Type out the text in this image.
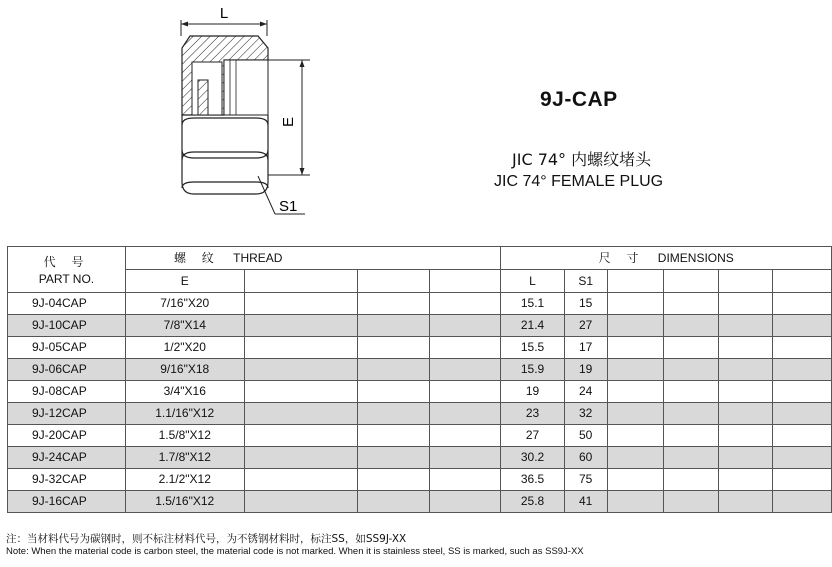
L
E
S1
9J-CAP
JIC 74° 内螺纹堵头
JIC 74° FEMALE PLUG
代 号
PART NO.	螺 纹 THREAD				尺 寸 DIMENSIONS					
	E				L	S1				
9J-04CAP	7/16"X20				15.1	15				
9J-10CAP	7/8"X14				21.4	27				
9J-05CAP	1/2"X20				15.5	17				
9J-06CAP	9/16"X18				15.9	19				
9J-08CAP	3/4"X16				19	24				
9J-12CAP	1.1/16"X12				23	32				
9J-20CAP	1.5/8"X12				27	50				
9J-24CAP	1.7/8"X12				30.2	60				
9J-32CAP	2.1/2"X12				36.5	75				
9J-16CAP	1.5/16"X12				25.8	41				
注：当材料代号为碳钢时，则不标注材料代号，为不锈钢材料时，标注SS，如SS9J-XX
Note: When the material code is carbon steel, the material code is not marked. When it is stainless steel, SS is marked, such as SS9J-XX
